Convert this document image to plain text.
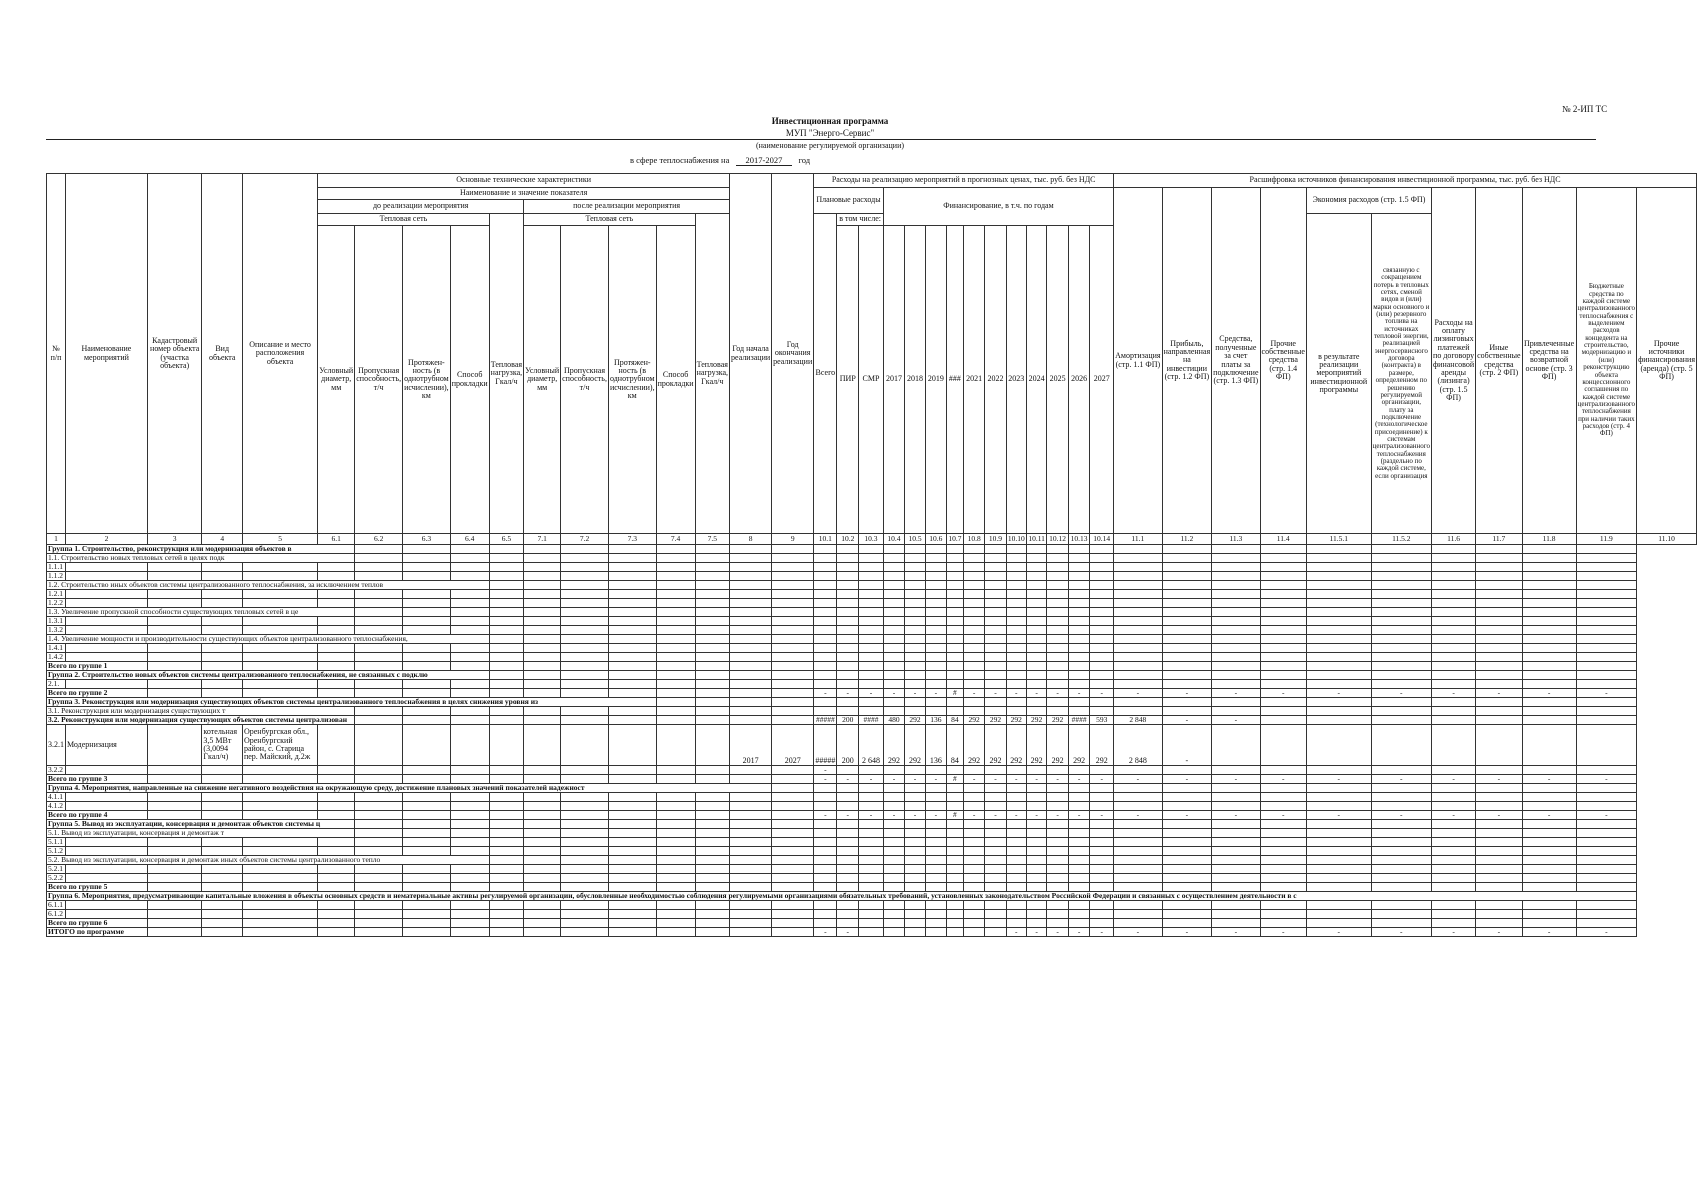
№ 2-ИП ТС
Инвестиционная программа
МУП "Энерго-Сервис"
(наименование регулируемой организации)
в сфере теплоснабжения на 2017-2027 год
№ п/п	Наименование мероприятий	Кадастровый номер объекта (участка объекта)	Вид объекта	Описание и место расположения объекта	Основные технические характеристики										Год начала реализации	Год окончания реализации	Расходы на реализацию мероприятий в прогнозных ценах, тыс. руб. без НДС														Расшифровка источников финансирования инвестиционной программы, тыс. руб. без НДС										
					Наименование и значение показателя												Плановые расходы			Финансирование, в т.ч. по годам											Амортизация (стр. 1.1 ФП)	Прибыль, направленная на инвестиции (стр. 1.2 ФП)	Средства, полученные за счет платы за подключение (стр. 1.3 ФП)	Прочие собственные средства (стр. 1.4 ФП)	Экономия расходов (стр. 1.5 ФП)		Расходы на оплату лизинговых платежей по договору финансовой аренды (лизинга) (стр. 1.5 ФП)	Иные собственные средства (стр. 2 ФП)	Привлеченные средства на возвратной основе (стр. 3 ФП)	Бюджетные средства по каждой системе централизованного теплоснабжения с выделением расходов концедента на строительство, модернизацию и (или) реконструкцию объекта концессионного соглашения по каждой системе централизованного теплоснабжения при наличии таких расходов (стр. 4 ФП)	Прочие источники финансирования (аренда) (стр. 5 ФП)
					до реализации мероприятия					после реализации мероприятия																															
					Тепловая сеть				Тепловая нагрузка, Гкал/ч	Тепловая сеть				Тепловая нагрузка, Гкал/ч			Всего	в том числе:																	в результате реализации мероприятий инвестиционной программы	связанную с сокращением потерь в тепловых сетях, сменой видов и (или) марки основного и (или) резервного топлива на источниках тепловой энергии, реализацией энергосервисного договора (контракта) в размере, определенном по решению регулируемой организации, плату за подключение (технологическое присоединение) к системам централизованного теплоснабжения (раздельно по каждой системе, если организация					
					Условный диаметр, мм	Пропускная способность, т/ч	Протяжен-ность (в однотрубном исчислении), км	Способ прокладки		Условный диаметр, мм	Пропускная способность, т/ч	Протяжен-ность (в однотрубном исчислении), км	Способ прокладки					ПИР	СМР	2017	2018	2019	###	2021	2022	2023	2024	2025	2026	2027											
1	2	3	4	5	6.1	6.2	6.3	6.4	6.5	7.1	7.2	7.3	7.4	7.5	8	9	10.1	10.2	10.3	10.4	10.5	10.6	10.7	10.8	10.9	10.10	10.11	10.12	10.13	10.14	11.1	11.2	11.3	11.4	11.5.1	11.5.2	11.6	11.7	11.8	11.9	11.10
Группа 1. Строительство, реконструкция или модернизация объектов в																																									
1.1. Строительство новых тепловых сетей в целях подк																																									
1.1.1																																									
1.1.2																																									
1.2. Строительство иных объектов системы централизованного теплоснабжения, за исключением теплов																																									
1.2.1																																									
1.2.2																																									
1.3. Увеличение пропускной способности существующих тепловых сетей в це																																									
1.3.1																																									
1.3.2																																									
1.4. Увеличение мощности и производительности существующих объектов централизованного теплоснабжения,																																									
1.4.1																																									
1.4.2																																									
Всего по группе 1																																									
Группа 2. Строительство новых объектов системы централизованного теплоснабжения, не связанных с подклю																																									
2.1.																																									
Всего по группе 2																	-	-	-	-	-	-	#	-	-	-	-	-	-	-	-	-	-	-	-	-	-	-	-	-	
Группа 3. Реконструкция или модернизация существующих объектов системы централизованного теплоснабжения в целях снижения уровня из																																									
3.1. Реконструкция или модернизация существующих т																																									
3.2. Реконструкция или модернизация существующих объектов системы централизован																	#####	200	####	480	292	136	84	292	292	292	292	292	####	593	2 848	-	-								
3.2.1	Модернизация		котельная 3,5 МВт (3,0094 Гкал/ч)	Оренбургская обл., Оренбургский район, с. Старица пер. Майский, д.2ж											2017	2027	#####	200	2 648	292	292	136	84	292	292	292	292	292	292	292	2 848	-									
3.2.2																	-																								
Всего по группе 3																	-	-	-	-	-	-	#	-	-	-	-	-	-	-	-	-	-	-	-	-	-	-	-	-	
Группа 4. Мероприятия, направленные на снижение негативного воздействия на окружающую среду, достижение плановых значений показателей надежност																																									
4.1.1																																									
4.1.2																																									
Всего по группе 4																	-	-	-	-	-	-	#	-	-	-	-	-	-	-	-	-	-	-	-	-	-	-	-	-	
Группа 5. Вывод из эксплуатации, консервация и демонтаж объектов системы ц																																									
5.1. Вывод из эксплуатации, консервация и демонтаж т																																									
5.1.1																																									
5.1.2																																									
5.2. Вывод из эксплуатации, консервация и демонтаж иных объектов системы централизованного тепло																																									
5.2.1																																									
5.2.2																																									
Всего по группе 5																																									
Группа 6. Мероприятия, предусматривающие капитальные вложения в объекты основных средств и нематериальные активы регулируемой организации, обусловленные необходимостью соблюдения регулируемыми организациями обязательных требований, установленных законодательством Российской Федерации и связанных с осуществлением деятельности в с																																									
6.1.1																																									
6.1.2																																									
Всего по группе 6																																									
ИТОГО по программе																	-	-								-	-	-	-	-	-	-	-	-	-	-	-	-	-	-	
